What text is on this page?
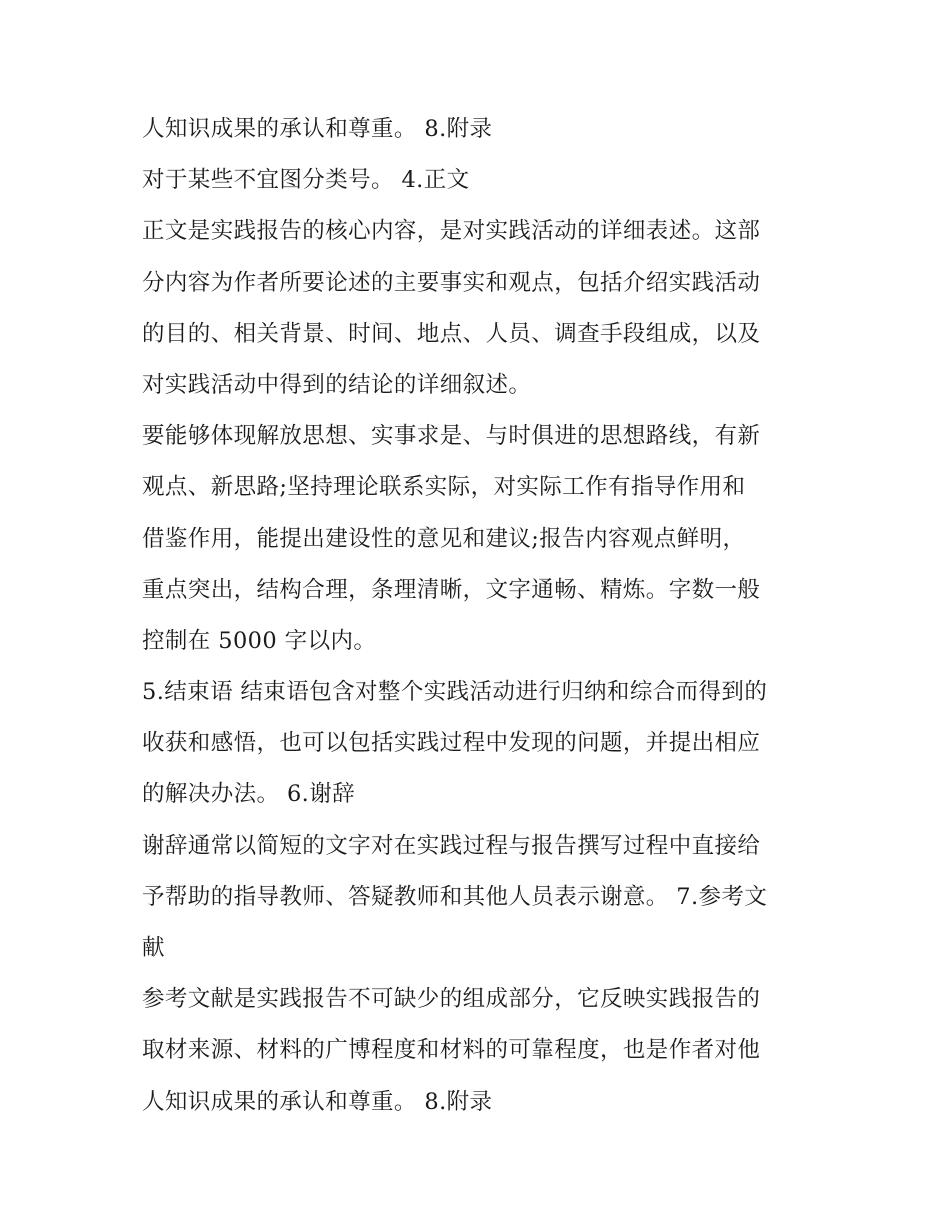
人知识成果的承认和尊重。 8.附录
对于某些不宜图分类号。 4.正文
正文是实践报告的核心内容，是对实践活动的详细表述。这部
分内容为作者所要论述的主要事实和观点，包括介绍实践活动
的目的、相关背景、时间、地点、人员、调查手段组成，以及
对实践活动中得到的结论的详细叙述。
要能够体现解放思想、实事求是、与时俱进的思想路线，有新
观点、新思路;坚持理论联系实际，对实际工作有指导作用和
借鉴作用，能提出建设性的意见和建议;报告内容观点鲜明，
重点突出，结构合理，条理清晰，文字通畅、精炼。字数一般
控制在 5000 字以内。
5.结束语 结束语包含对整个实践活动进行归纳和综合而得到的
收获和感悟，也可以包括实践过程中发现的问题，并提出相应
的解决办法。 6.谢辞
谢辞通常以简短的文字对在实践过程与报告撰写过程中直接给
予帮助的指导教师、答疑教师和其他人员表示谢意。 7.参考文
献
参考文献是实践报告不可缺少的组成部分，它反映实践报告的
取材来源、材料的广博程度和材料的可靠程度，也是作者对他
人知识成果的承认和尊重。 8.附录
